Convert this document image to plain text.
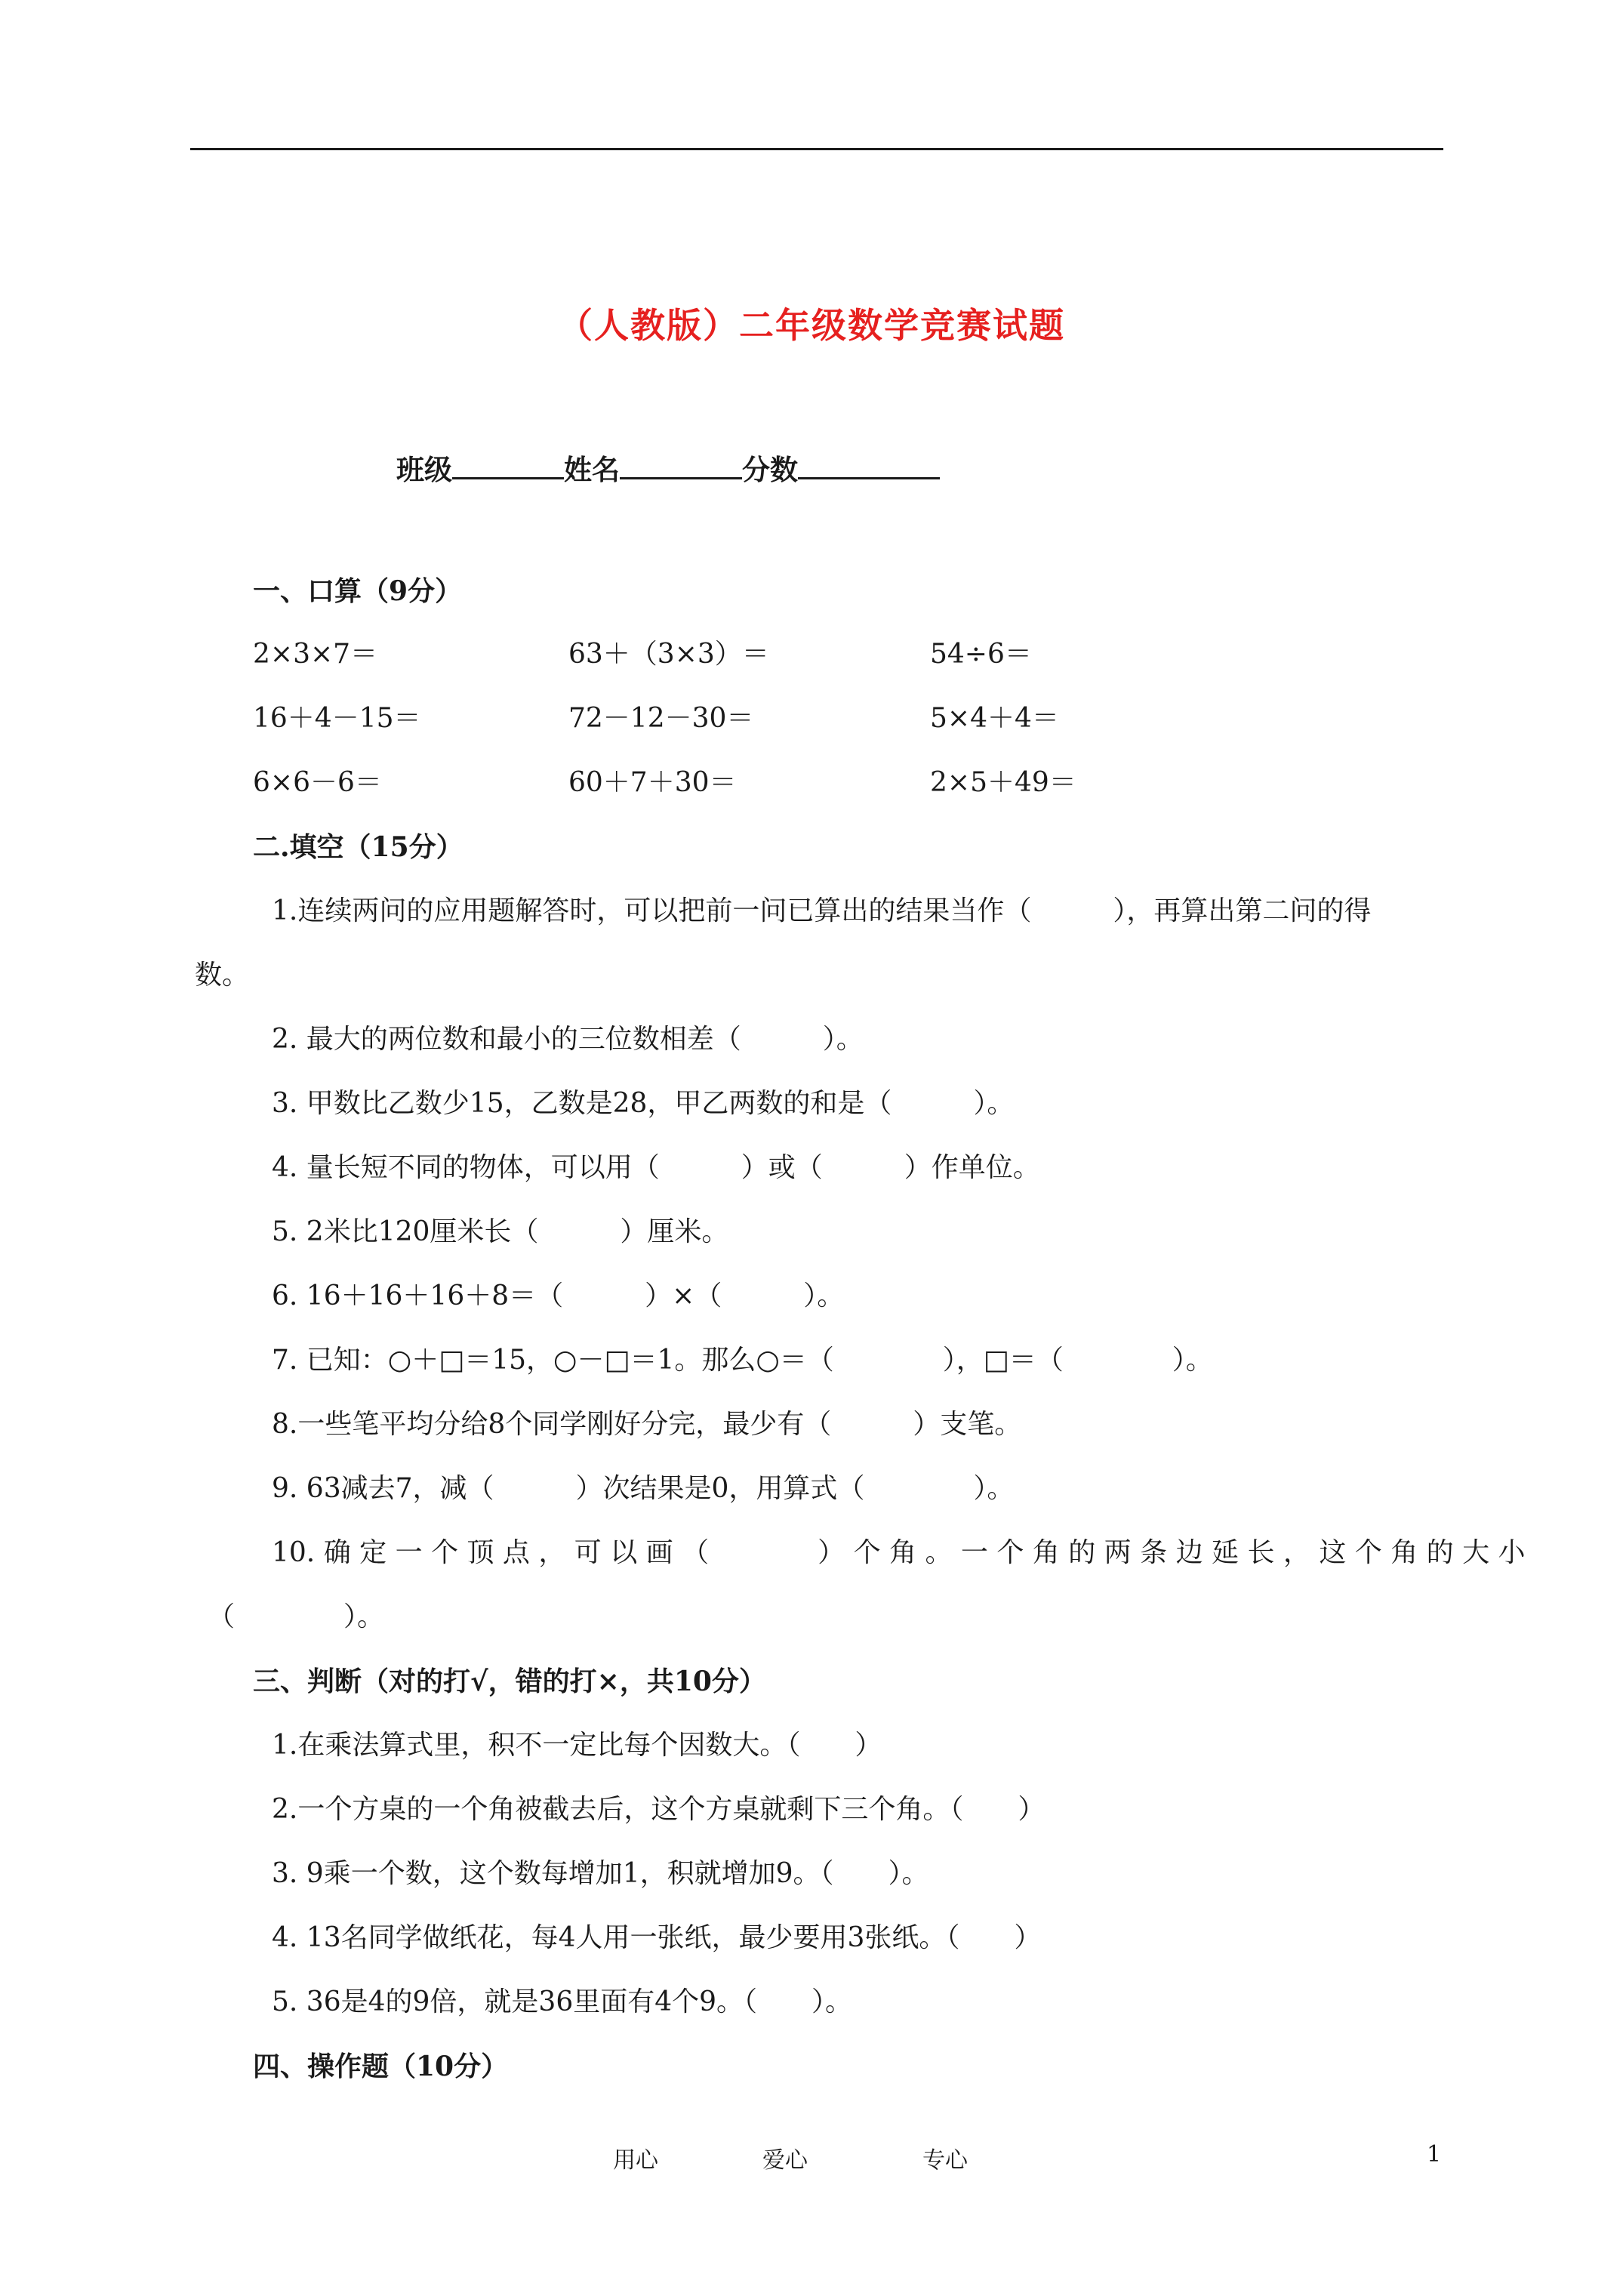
（人教版）二年级数学竞赛试题
班级	姓名	分数
一、口算（9分）
2×3×7＝	63＋（3×3）＝	54÷6＝
16＋4－15＝	72－12－30＝	5×4＋4＝
6×6－6＝	60＋7＋30＝	2×5＋49＝
二.填空（15分）
1.连续两问的应用题解答时，可以把前一问已算出的结果当作（　　　），再算出第二问的得
数。
2. 最大的两位数和最小的三位数相差（　　　）。
3. 甲数比乙数少15，乙数是28，甲乙两数的和是（　　　）。
4. 量长短不同的物体，可以用（　　　）或（　　　）作单位。
5. 2米比120厘米长（　　　）厘米。
6. 16＋16＋16＋8＝（　　　）×（　　　）。
7. 已知：○＋□＝15，○－□＝1。那么○＝（　　　　），□＝（　　　　）。
8.一些笔平均分给8个同学刚好分完，最少有（　　　）支笔。
9. 63减去7，减（　　　）次结果是0，用算式（　　　　）。
10. 确 定 一 个 顶 点 ， 可 以 画 （　　　　） 个 角 。 一 个 角 的 两 条 边 延 长 ， 这 个 角 的 大 小
（　　　　）。
三、判断（对的打√，错的打×，共10分）
1.在乘法算式里，积不一定比每个因数大。（　　）
2.一个方桌的一个角被截去后，这个方桌就剩下三个角。（　　）
3. 9乘一个数，这个数每增加1，积就增加9。（　　）。
4. 13名同学做纸花，每4人用一张纸，最少要用3张纸。（　　）
5. 36是4的9倍，就是36里面有4个9。（　　）。
四、操作题（10分）
用心	爱心	专心	1
